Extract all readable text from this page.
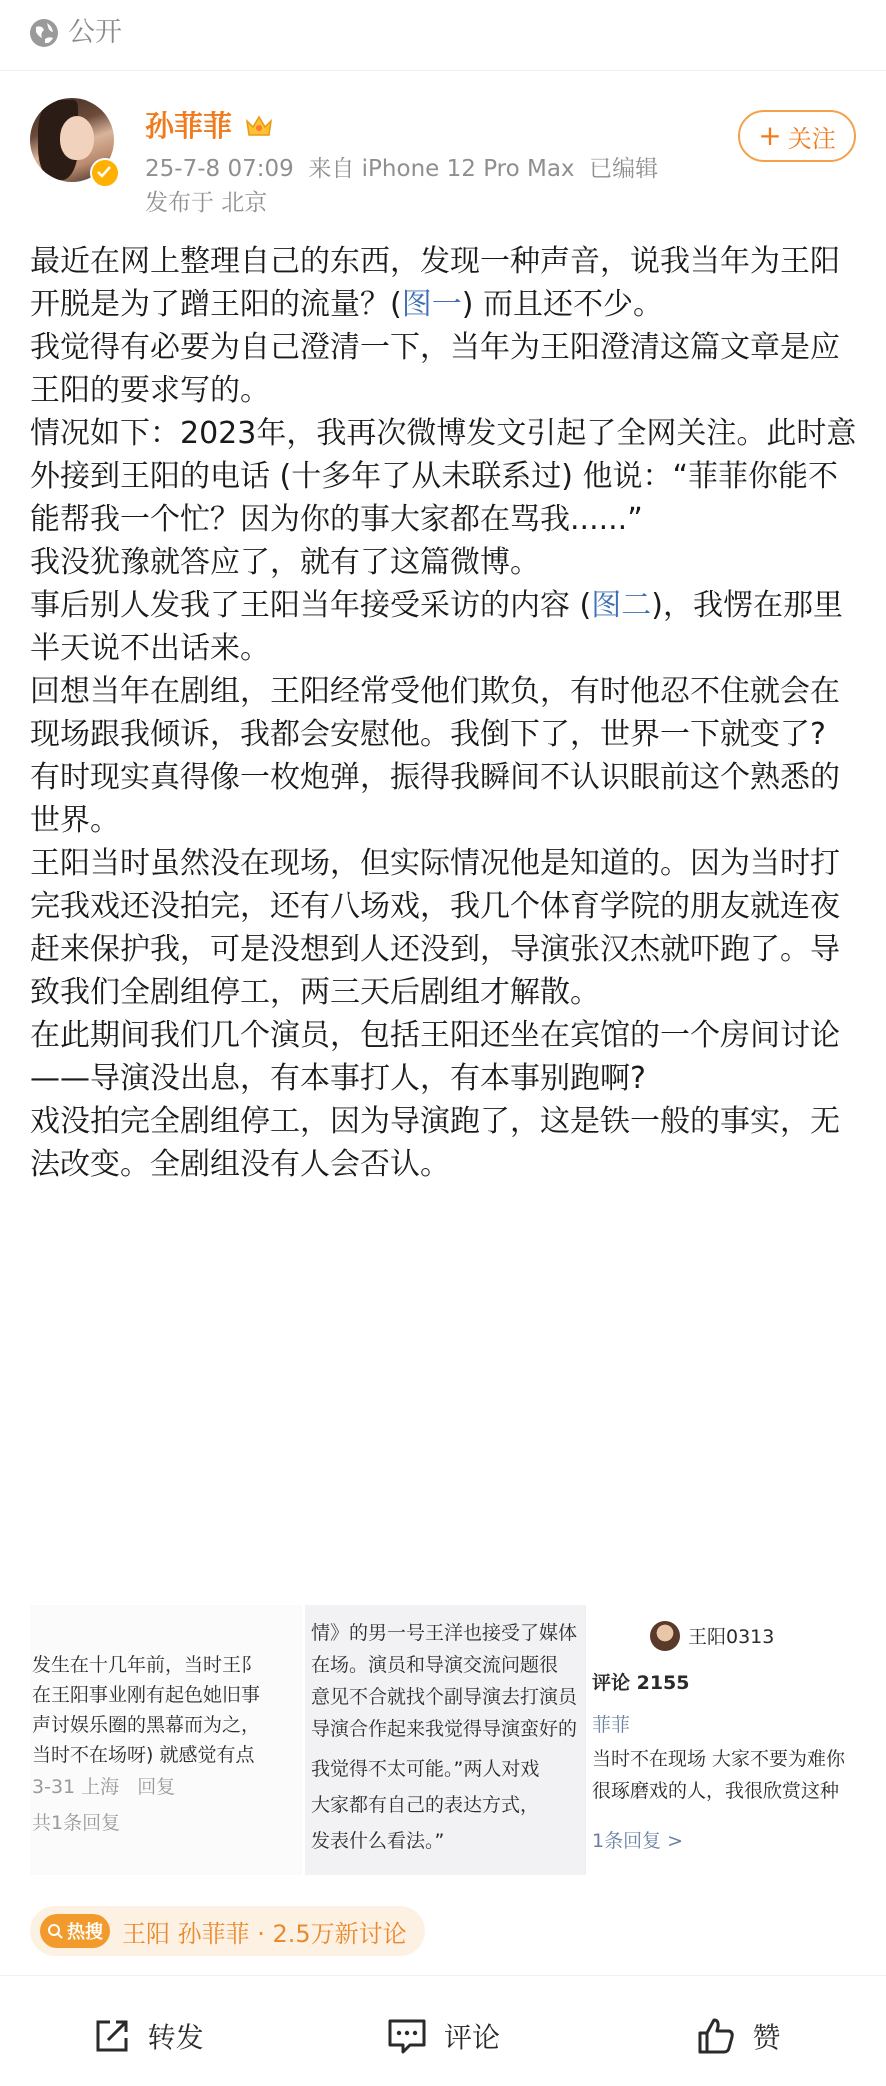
公开
孙菲菲
25-7-8 07:09 来自 iPhone 12 Pro Max 已编辑
发布于 北京
+ 关注

最近在网上整理自己的东西，发现一种声音，说我当年为王阳开脱是为了蹭王阳的流量？(图一) 而且还不少。

我觉得有必要为自己澄清一下，当年为王阳澄清这篇文章是应王阳的要求写的。

情况如下：2023年，我再次微博发文引起了全网关注。此时意外接到王阳的电话 (十多年了从未联系过) 他说：“菲菲你能不能帮我一个忙？因为你的事大家都在骂我......”

我没犹豫就答应了，就有了这篇微博。

事后别人发我了王阳当年接受采访的内容 (图二)，我愣在那里半天说不出话来。

回想当年在剧组，王阳经常受他们欺负，有时他忍不住就会在现场跟我倾诉，我都会安慰他。我倒下了，世界一下就变了?

有时现实真得像一枚炮弹，振得我瞬间不认识眼前这个熟悉的世界。

王阳当时虽然没在现场，但实际情况他是知道的。因为当时打完我戏还没拍完，还有八场戏，我几个体育学院的朋友就连夜赶来保护我，可是没想到人还没到，导演张汉杰就吓跑了。导致我们全剧组停工，两三天后剧组才解散。

在此期间我们几个演员，包括王阳还坐在宾馆的一个房间讨论——导演没出息，有本事打人，有本事别跑啊?

戏没拍完全剧组停工，因为导演跑了，这是铁一般的事实，无法改变。全剧组没有人会否认。

发生在十几年前，当时王阝
在王阳事业刚有起色她旧事
声讨娱乐圈的黑幕而为之，
当时不在场呀) 就感觉有点
3-31 上海 回复
共1条回复
情》的男一号王洋也接受了媒体
在场。演员和导演交流问题很
意见不合就找个副导演去打演员
导演合作起来我觉得导演蛮好的
我觉得不太可能。”两人对戏
大家都有自己的表达方式，
发表什么看法。”
王阳0313
评论 2155
菲菲
当时不在现场 大家不要为难你
很琢磨戏的人，我很欣赏这种
1条回复 >
热搜 王阳 孙菲菲 · 2.5万新讨论
转发	评论	赞
